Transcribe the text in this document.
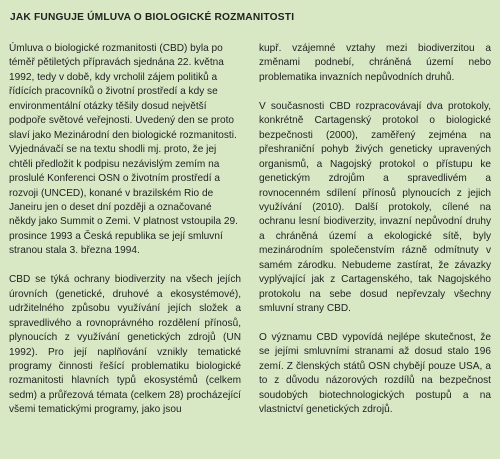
JAK FUNGUJE ÚMLUVA O BIOLOGICKÉ ROZMANITOSTI

Úmluva o biologické rozmanitosti (CBD) byla po téměř pětiletých přípravách sjednána 22. května 1992, tedy v době, kdy vrcholil zájem politiků a řídících pracovníků o životní prostředí a kdy se environmentální otázky těšily dosud největší podpoře světové veřejnosti. Uvedený den se proto slaví jako Mezinárodní den biologické rozmanitosti. Vyjednávačí se na textu shodli mj. proto, že jej chtěli předložit k podpisu nezávislým zemím na proslulé Konferenci OSN o životním prostředí a rozvoji (UNCED), konané v brazilském Rio de Janeiru jen o deset dní později a označované někdy jako Summit o Zemi. V platnost vstoupila 29. prosince 1993 a Česká republika se její smluvní stranou stala 3. března 1994.

CBD se týká ochrany biodiverzity na všech jejích úrovních (genetické, druhové a ekosystémové), udržitelného způsobu využívání jejích složek a spravedlivého a rovnoprávného rozdělení přínosů, plynoucích z využívání genetických zdrojů (UN 1992). Pro její naplňování vznikly tematické programy činnosti řešící problematiku biologické rozmanitosti hlavních typů ekosystémů (celkem sedm) a průřezová témata (celkem 28) procházející všemi tematickými programy, jako jsou

kupř. vzájemné vztahy mezi biodiverzitou a změnami podnebí, chráněná území nebo problematika invazních nepůvodních druhů.

V současnosti CBD rozpracovávají dva protokoly, konkrétně Cartagenský protokol o biologické bezpečnosti (2000), zaměřený zejména na přeshraniční pohyb živých geneticky upravených organismů, a Nagojský protokol o přístupu ke genetickým zdrojům a spravedlivém a rovnocenném sdílení přínosů plynoucích z jejich využívání (2010). Další protokoly, cílené na ochranu lesní biodiverzity, invazní nepůvodní druhy a chráněná území a ekologické sítě, byly mezinárodním společenstvím rázně odmítnuty v samém zárodku. Nebudeme zastírat, že závazky vyplývající jak z Cartagenského, tak Nagojského protokolu na sebe dosud nepřevzaly všechny smluvní strany CBD.

O významu CBD vypovídá nejlépe skutečnost, že se jejími smluvními stranami až dosud stalo 196 zemí. Z členských států OSN chybějí pouze USA, a to z důvodu názorových rozdílů na bezpečnost soudobých biotechnologických postupů a na vlastnictví genetických zdrojů.
